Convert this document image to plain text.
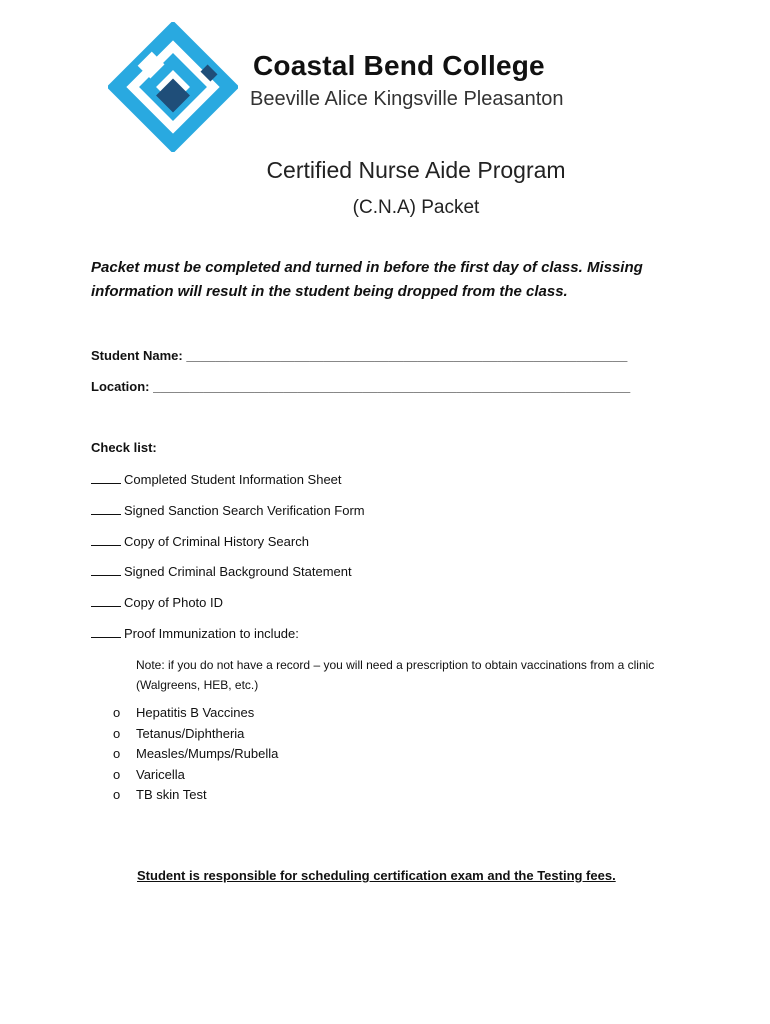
Coastal Bend College
Beeville Alice Kingsville Pleasanton
Certified Nurse Aide Program
(C.N.A) Packet
Packet must be completed and turned in before the first day of class. Missing information will result in the student being dropped from the class.
Student Name: _____________________________________________________________
Location: __________________________________________________________________
Check list:
Completed Student Information Sheet
Signed Sanction Search Verification Form
Copy of Criminal History Search
Signed Criminal Background Statement
Copy of Photo ID
Proof Immunization to include:
Note: if you do not have a record – you will need a prescription to obtain vaccinations from a clinic (Walgreens, HEB, etc.)
o Hepatitis B Vaccines
o Tetanus/Diphtheria
o Measles/Mumps/Rubella
o Varicella
o TB skin Test
Student is responsible for scheduling certification exam and the Testing fees.
